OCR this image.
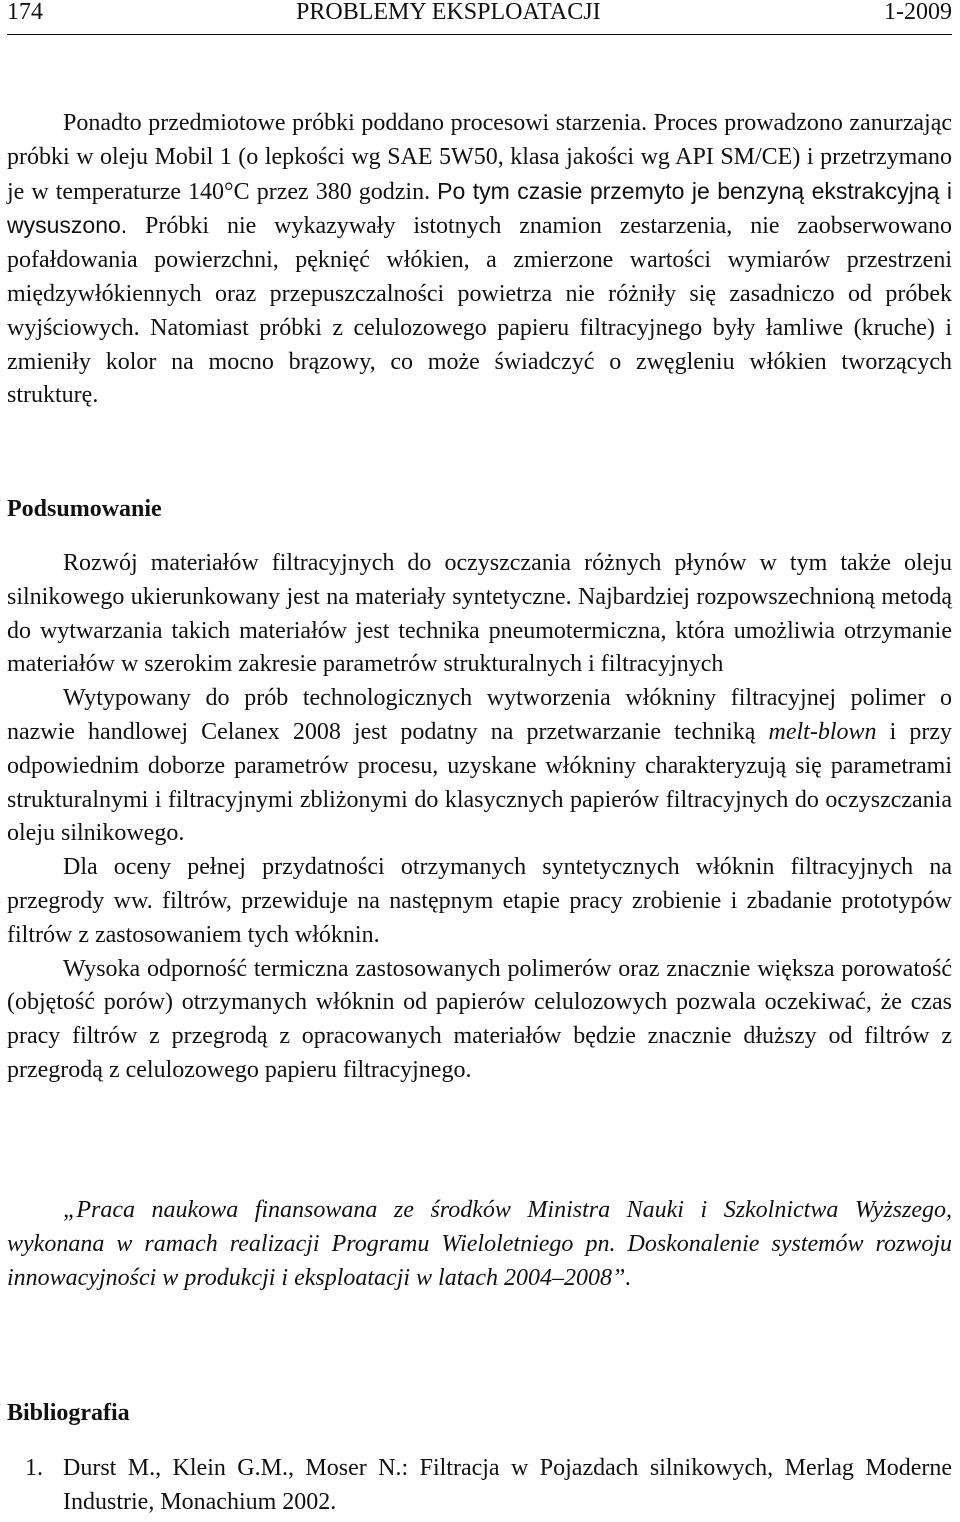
174	PROBLEMY EKSPLOATACJI	1-2009

Ponadto przedmiotowe próbki poddano procesowi starzenia. Proces prowadzono zanurzając próbki w oleju Mobil 1 (o lepkości wg SAE 5W50, klasa jakości wg API SM/CE) i przetrzymano je w temperaturze 140°C przez 380 godzin. Po tym czasie przemyto je benzyną ekstrakcyjną i wysuszono. Próbki nie wykazywały istotnych znamion zestarzenia, nie zaobserwowano pofałdowania powierzchni, pęknięć włókien, a zmierzone wartości wymiarów przestrzeni międzywłókiennych oraz przepuszczalności powietrza nie różniły się zasadniczo od próbek wyjściowych. Natomiast próbki z celulozowego papieru filtracyjnego były łamliwe (kruche) i zmieniły kolor na mocno brązowy, co może świadczyć o zwęgleniu włókien tworzących strukturę.

Podsumowanie

Rozwój materiałów filtracyjnych do oczyszczania różnych płynów w tym także oleju silnikowego ukierunkowany jest na materiały syntetyczne. Najbardziej rozpowszechnioną metodą do wytwarzania takich materiałów jest technika pneumotermiczna, która umożliwia otrzymanie materiałów w szerokim zakresie parametrów strukturalnych i filtracyjnych

Wytypowany do prób technologicznych wytworzenia włókniny filtracyjnej polimer o nazwie handlowej Celanex 2008 jest podatny na przetwarzanie techniką melt-blown i przy odpowiednim doborze parametrów procesu, uzyskane włókniny charakteryzują się parametrami strukturalnymi i filtracyjnymi zbliżonymi do klasycznych papierów filtracyjnych do oczyszczania oleju silnikowego.

Dla oceny pełnej przydatności otrzymanych syntetycznych włóknin filtracyjnych na przegrody ww. filtrów, przewiduje na następnym etapie pracy zrobienie i zbadanie prototypów filtrów z zastosowaniem tych włóknin.

Wysoka odporność termiczna zastosowanych polimerów oraz znacznie większa porowatość (objętość porów) otrzymanych włóknin od papierów celulozowych pozwala oczekiwać, że czas pracy filtrów z przegrodą z opracowanych materiałów będzie znacznie dłuższy od filtrów z przegrodą z celulozowego papieru filtracyjnego.

„Praca naukowa finansowana ze środków Ministra Nauki i Szkolnictwa Wyższego, wykonana w ramach realizacji Programu Wieloletniego pn. Doskonalenie systemów rozwoju innowacyjności w produkcji i eksploatacji w latach 2004–2008”.

Bibliografia
1. Durst M., Klein G.M., Moser N.: Filtracja w Pojazdach silnikowych, Merlag Moderne Industrie, Monachium 2002.
